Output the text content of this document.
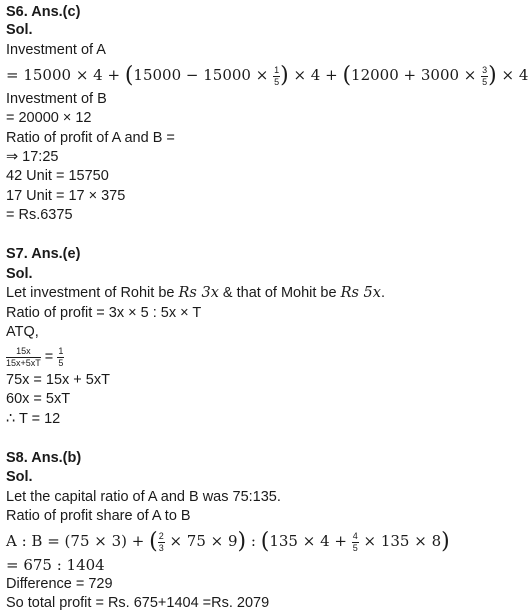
S6. Ans.(c)
Sol.
Investment of A
= $15000 \times 4 + (15000 - 15000 \times \frac{1}{5}$ ) × $4 + (12000 + 3000 \times \frac{3}{5}$ ) × 4
Investment of B
= 20000 × 12
Ratio of profit of A and B =
⇒ 17:25
42 Unit = 15750
17 Unit = 17 × 375
= Rs.6375
S7. Ans.(e)
Sol.
Let investment of Rohit be Rs 3x & that of Mohit be Rs 5x.
Ratio of profit = 3x × 5 : 5x × T
ATQ,
$\frac{15x}{15x+5xT} = \frac{1}{5}$
75x = 15x + 5xT
60x = 5xT
∴ T = 12
S8. Ans.(b)
Sol.
Let the capital ratio of A and B was 75:135.
Ratio of profit share of A to B
A : B = (75 × 3) + ( $\frac{2}{3} \times 75 \times 9$) : $(135 \times 4 + \frac{4}{5} \times 135 \times 8)$
= 675 : 1404
Difference = 729
So total profit = Rs. 675+1404 =Rs. 2079
